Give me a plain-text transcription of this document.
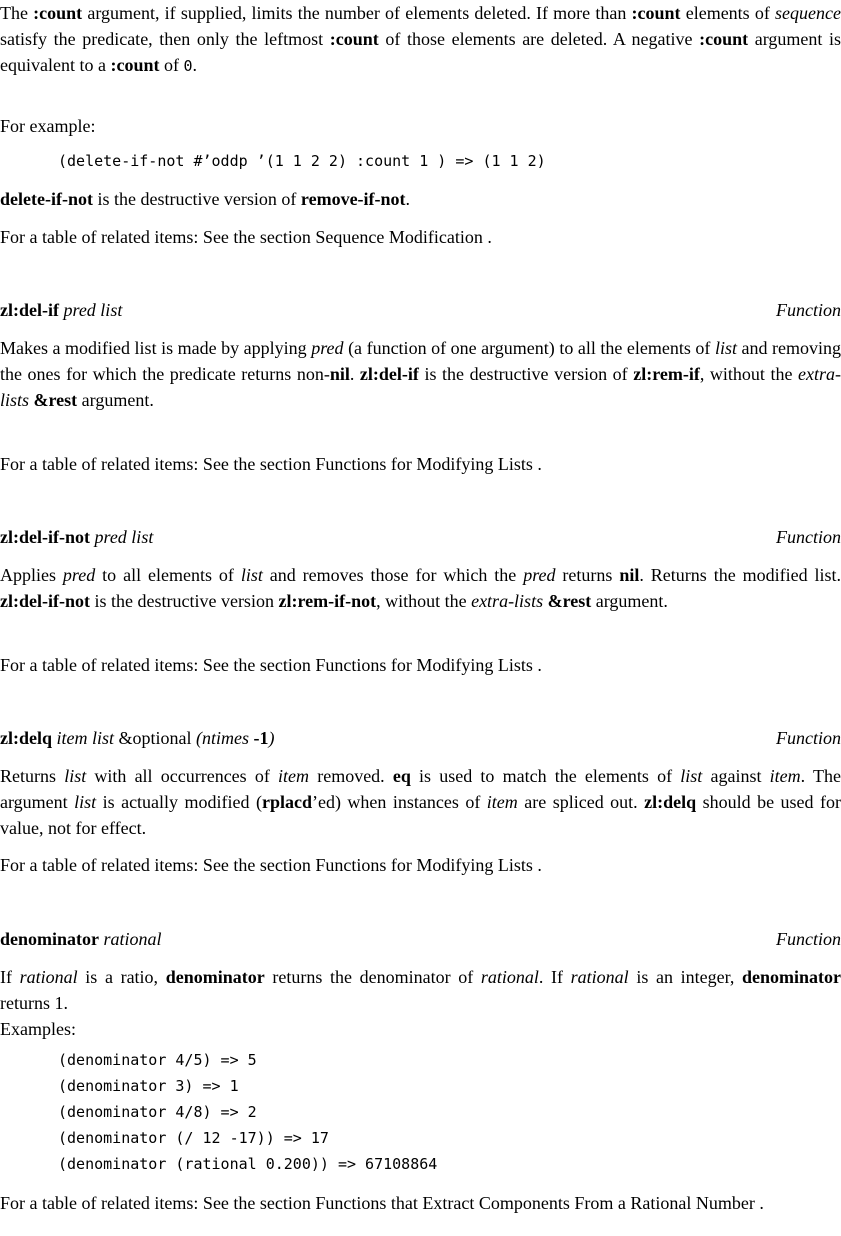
The :count argument, if supplied, limits the number of elements deleted. If more than :count elements of sequence satisfy the predicate, then only the leftmost :count of those elements are deleted. A negative :count argument is equivalent to a :count of 0.

For example:

(delete-if-not #’oddp ’(1 1 2 2) :count 1 ) => (1 1 2)

delete-if-not is the destructive version of remove-if-not.

For a table of related items: See the section Sequence Modification .

zl:del-if pred list	Function

Makes a modified list is made by applying pred (a function of one argument) to all the elements of list and removing the ones for which the predicate returns non-nil. zl:del-if is the destructive version of zl:rem-if, without the extra-lists &rest argument.

For a table of related items: See the section Functions for Modifying Lists .

zl:del-if-not pred list	Function

Applies pred to all elements of list and removes those for which the pred returns nil. Returns the modified list. zl:del-if-not is the destructive version zl:rem-if-not, without the extra-lists &rest argument.

For a table of related items: See the section Functions for Modifying Lists .

zl:delq item list &optional (ntimes -1)	Function

Returns list with all occurrences of item removed. eq is used to match the elements of list against item. The argument list is actually modified (rplacd’ed) when instances of item are spliced out. zl:delq should be used for value, not for effect.

For a table of related items: See the section Functions for Modifying Lists .

denominator rational	Function

If rational is a ratio, denominator returns the denominator of rational. If rational is an integer, denominator returns 1.

Examples:

(denominator 4/5) => 5
(denominator 3) => 1
(denominator 4/8) => 2
(denominator (/ 12 -17)) => 17
(denominator (rational 0.200)) => 67108864

For a table of related items: See the section Functions that Extract Components From a Rational Number .
